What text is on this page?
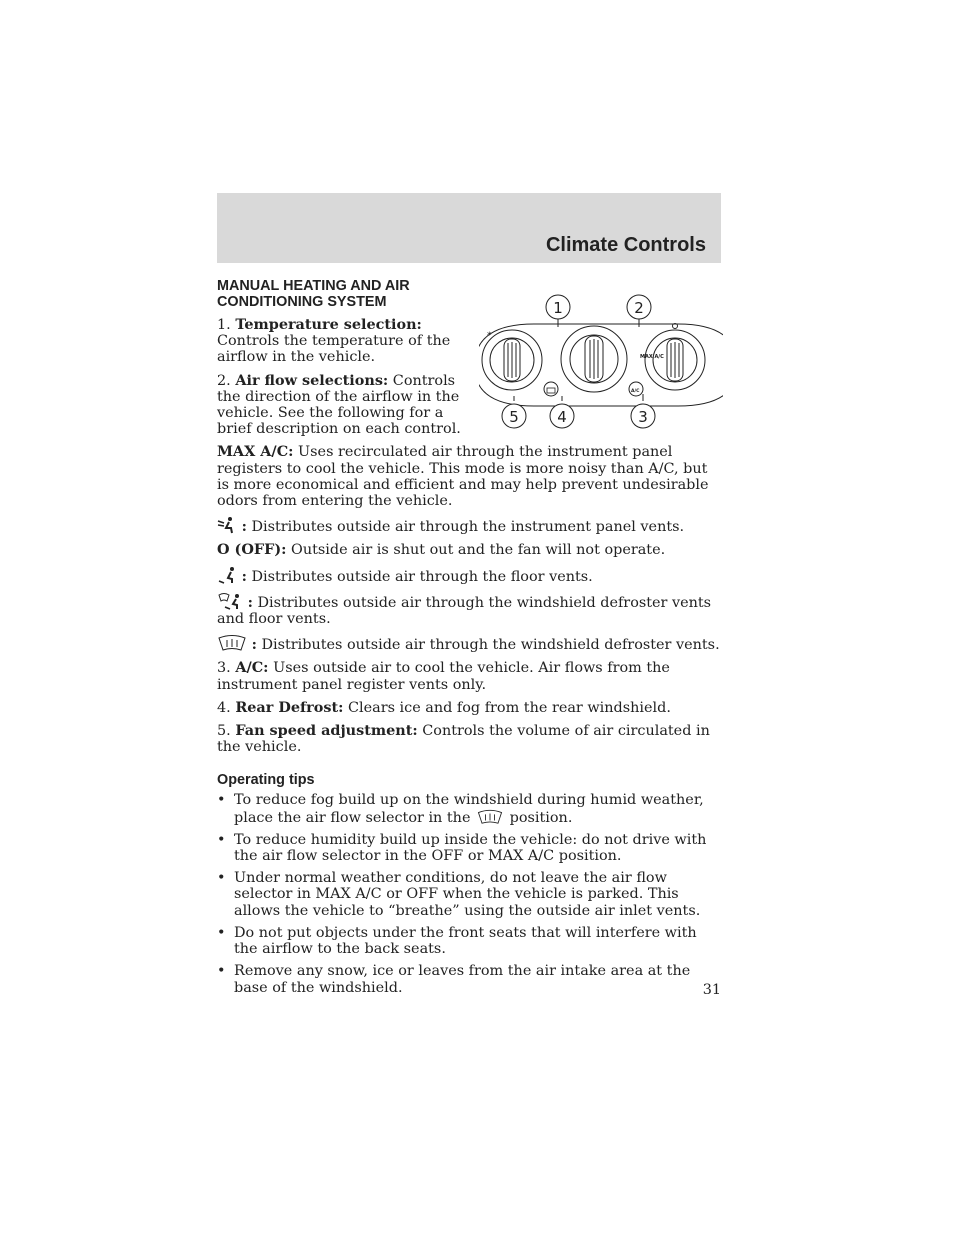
Climate Controls
MANUAL HEATING AND AIR CONDITIONING SYSTEM

1. Temperature selection: Controls the temperature of the airflow in the vehicle.

2. Air flow selections: Controls the direction of the airflow in the vehicle. See the following for a brief description on each control.

*
MAX A/C
A/C
1	2
5	4	3

MAX A/C: Uses recirculated air through the instrument panel registers to cool the vehicle. This mode is more noisy than A/C, but is more economical and efficient and may help prevent undesirable odors from entering the vehicle.

: Distributes outside air through the instrument panel vents.

O (OFF): Outside air is shut out and the fan will not operate.

: Distributes outside air through the floor vents.

: Distributes outside air through the windshield defroster vents and floor vents.

: Distributes outside air through the windshield defroster vents.

3. A/C: Uses outside air to cool the vehicle. Air flows from the instrument panel register vents only.

4. Rear Defrost: Clears ice and fog from the rear windshield.

5. Fan speed adjustment: Controls the volume of air circulated in the vehicle.

Operating tips
• To reduce fog build up on the windshield during humid weather, place the air flow selector in the	position.
• To reduce humidity build up inside the vehicle: do not drive with the air flow selector in the OFF or MAX A/C position.
• Under normal weather conditions, do not leave the air flow selector in MAX A/C or OFF when the vehicle is parked. This allows the vehicle to “breathe” using the outside air inlet vents.
• Do not put objects under the front seats that will interfere with the airflow to the back seats.
• Remove any snow, ice or leaves from the air intake area at the base of the windshield.	31
